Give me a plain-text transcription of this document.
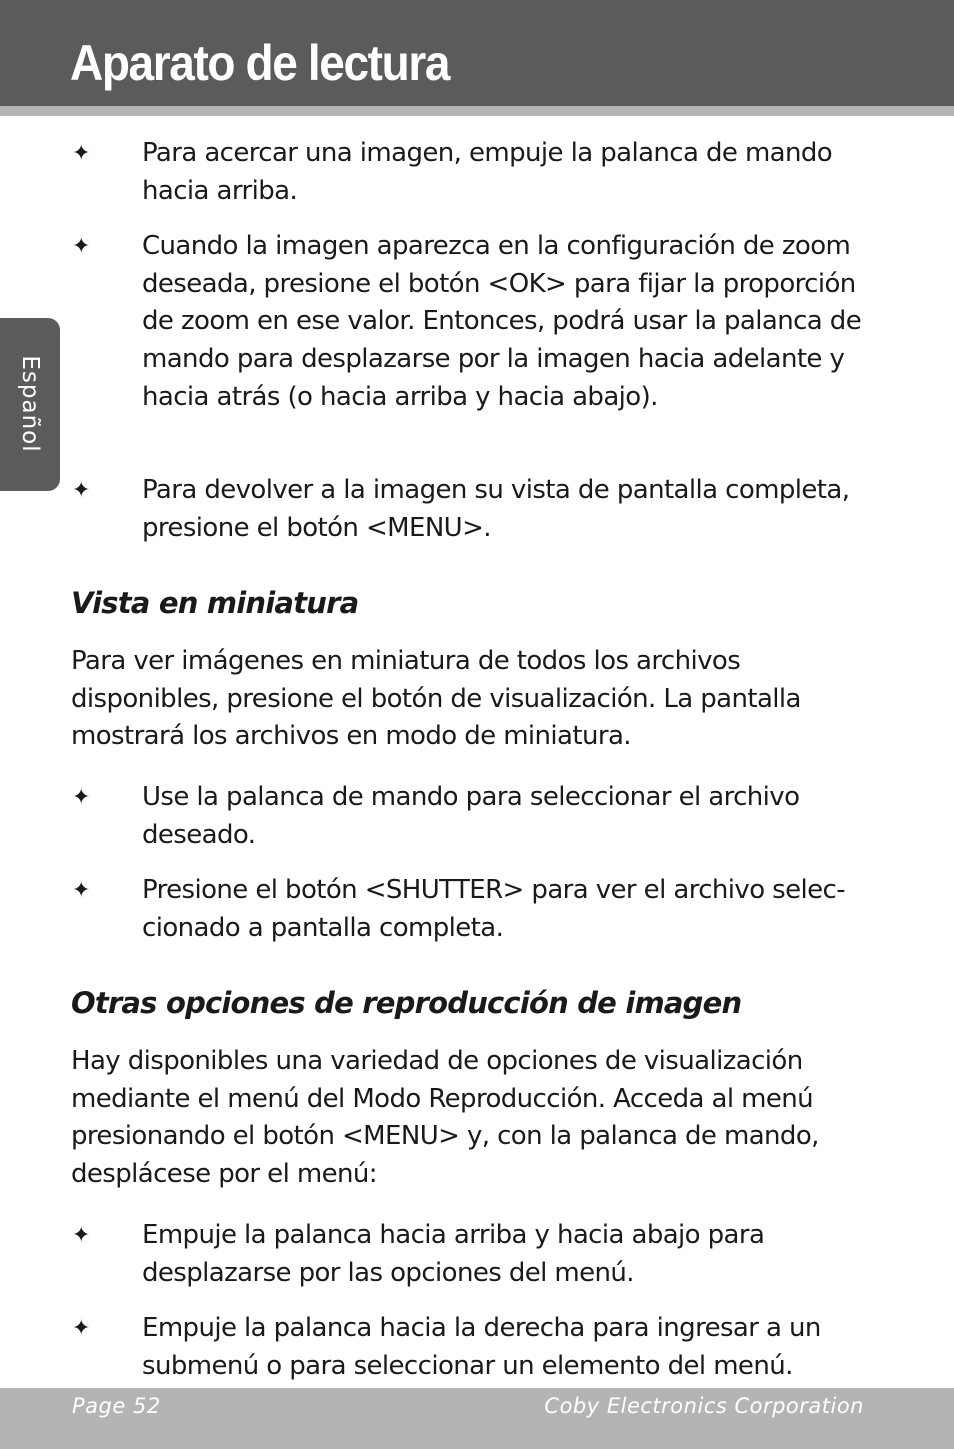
Aparato de lectura
Español
✦	Para acercar una imagen, empuje la palanca de mando hacia arriba.
✦	Cuando la imagen aparezca en la configuración de zoom deseada, presione el botón <OK> para fijar la proporción de zoom en ese valor. Entonces, podrá usar la palanca de mando para desplazarse por la imagen hacia adelante y hacia atrás (o hacia arriba y hacia abajo).
✦	Para devolver a la imagen su vista de pantalla completa, presione el botón <MENU>.
Vista en miniatura
Para ver imágenes en miniatura de todos los archivos disponibles, presione el botón de visualización. La pantalla mostrará los archivos en modo de miniatura.
✦	Use la palanca de mando para seleccionar el archivo deseado.
✦	Presione el botón <SHUTTER> para ver el archivo selec-cionado a pantalla completa.
Otras opciones de reproducción de imagen
Hay disponibles una variedad de opciones de visualización mediante el menú del Modo Reproducción. Acceda al menú presionando el botón <MENU> y, con la palanca de mando, desplácese por el menú:
✦	Empuje la palanca hacia arriba y hacia abajo para desplazarse por las opciones del menú.
✦	Empuje la palanca hacia la derecha para ingresar a un submenú o para seleccionar un elemento del menú.
Page 52	Coby Electronics Corporation
